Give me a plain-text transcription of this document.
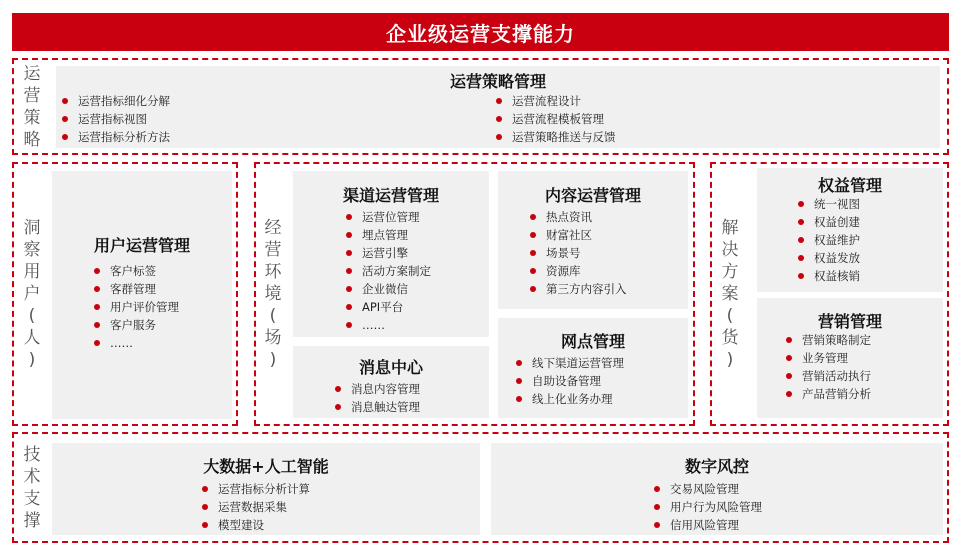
企业级运营支撑能力
运
营
策
略
运营策略管理
运营指标细化分解
运营指标视图
运营指标分析方法
运营流程设计
运营流程模板管理
运营策略推送与反馈
洞
察
用
户
(
人
)
用户运营管理
客户标签
客群管理
用户评价管理
客户服务
……
经
营
环
境
(
场
)
渠道运营管理
运营位管理
埋点管理
运营引擎
活动方案制定
企业微信
API平台
……
消息中心
消息内容管理
消息触达管理
内容运营管理
热点资讯
财富社区
场景号
资源库
第三方内容引入
网点管理
线下渠道运营管理
自助设备管理
线上化业务办理
解
决
方
案
(
货
)
权益管理
统一视图
权益创建
权益维护
权益发放
权益核销
营销管理
营销策略制定
业务管理
营销活动执行
产品营销分析
技
术
支
撑
大数据+人工智能
运营指标分析计算
运营数据采集
模型建设
数字风控
交易风险管理
用户行为风险管理
信用风险管理
